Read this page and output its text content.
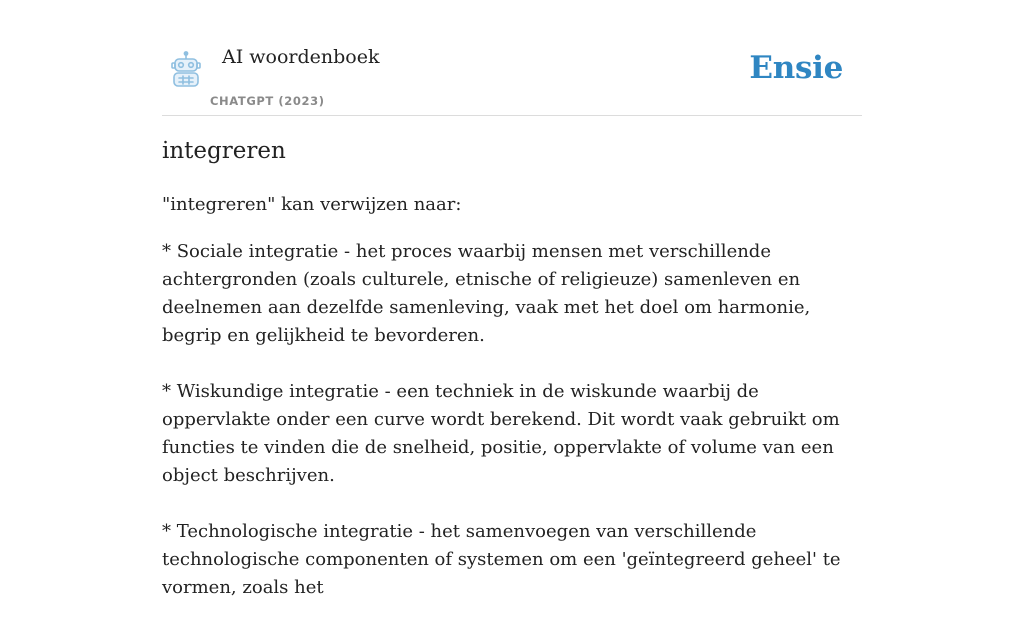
AI woordenboek
CHATGPT (2023)
Ensie
integreren

"integreren" kan verwijzen naar:

* Sociale integratie - het proces waarbij mensen met verschillende achtergronden (zoals culturele, etnische of religieuze) samenleven en deelnemen aan dezelfde samenleving, vaak met het doel om harmonie, begrip en gelijkheid te bevorderen.

* Wiskundige integratie - een techniek in de wiskunde waarbij de oppervlakte onder een curve wordt berekend. Dit wordt vaak gebruikt om functies te vinden die de snelheid, positie, oppervlakte of volume van een object beschrijven.

* Technologische integratie - het samenvoegen van verschillende technologische componenten of systemen om een 'geïntegreerd geheel' te vormen, zoals het
